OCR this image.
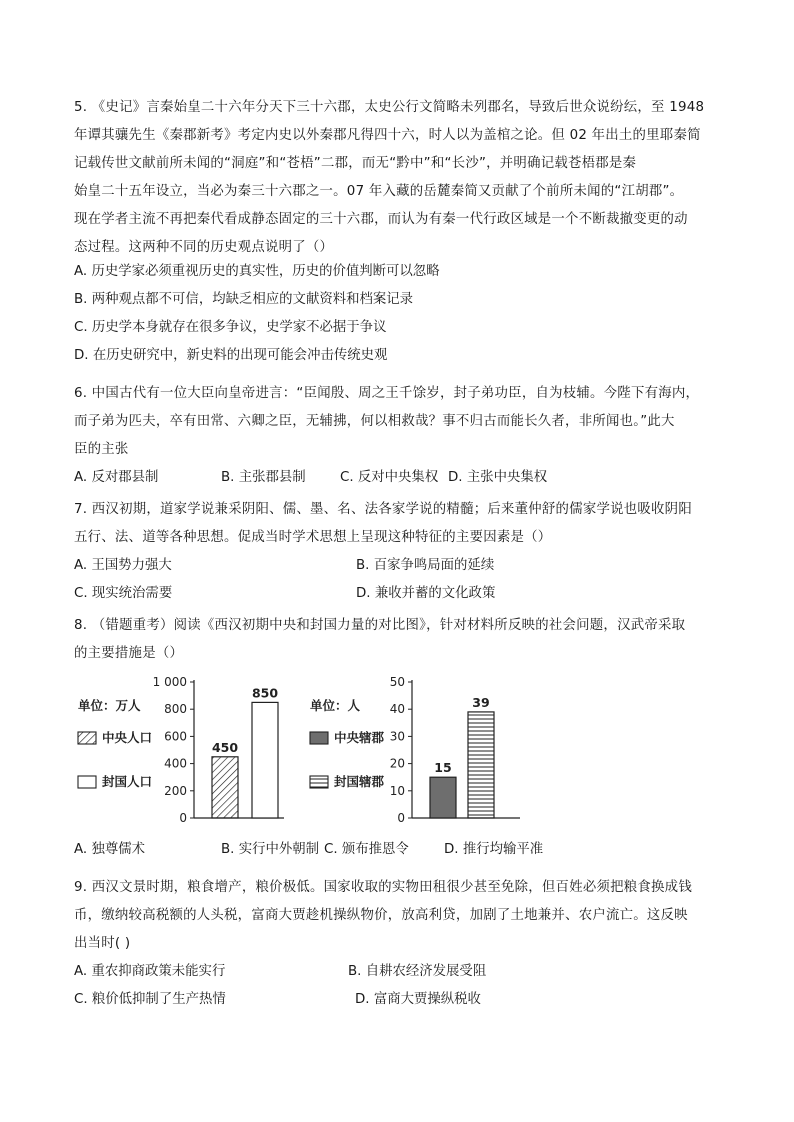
5. 《史记》言秦始皇二十六年分天下三十六郡，太史公行文简略未列郡名，导致后世众说纷纭，至 1948
年谭其骧先生《秦郡新考》考定内史以外秦郡凡得四十六，时人以为盖棺之论。但 02 年出土的里耶秦简
记载传世文献前所未闻的“洞庭”和“苍梧”二郡，而无“黔中”和“长沙”，并明确记载苍梧郡是秦
始皇二十五年设立，当必为秦三十六郡之一。07 年入藏的岳麓秦简又贡献了个前所未闻的“江胡郡”。
现在学者主流不再把秦代看成静态固定的三十六郡，而认为有秦一代行政区域是一个不断裁撤变更的动
态过程。这两种不同的历史观点说明了（）
A. 历史学家必须重视历史的真实性，历史的价值判断可以忽略
B. 两种观点都不可信，均缺乏相应的文献资料和档案记录
C. 历史学本身就存在很多争议，史学家不必据于争议
D. 在历史研究中，新史料的出现可能会冲击传统史观
6. 中国古代有一位大臣向皇帝进言：“臣闻殷、周之王千馀岁，封子弟功臣，自为枝辅。今陛下有海内，
而子弟为匹夫，卒有田常、六卿之臣，无辅拂，何以相救哉？事不归古而能长久者，非所闻也。”此大
臣的主张
A. 反对郡县制	B. 主张郡县制	C. 反对中央集权 D. 主张中央集权
7. 西汉初期，道家学说兼采阴阳、儒、墨、名、法各家学说的精髓；后来董仲舒的儒家学说也吸收阴阳
五行、法、道等各种思想。促成当时学术思想上呈现这种特征的主要因素是（）
A. 王国势力强大	B. 百家争鸣局面的延续
C. 现实统治需要	D. 兼收并蓄的文化政策
8. （错题重考）阅读《西汉初期中央和封国力量的对比图》，针对材料所反映的社会问题，汉武帝采取
的主要措施是（）
0
200
400
600
800
1 000
单位：万人
450
850
中央人口
封国人口
0
10
20
30
40
50
单位：人
15
39
中央辖郡
封国辖郡
A. 独尊儒术	B. 实行中外朝制 C. 颁布推恩令	D. 推行均输平准
9. 西汉文景时期，粮食增产，粮价极低。国家收取的实物田租很少甚至免除，但百姓必须把粮食换成钱
币，缴纳较高税额的人头税，富商大贾趁机操纵物价，放高利贷，加剧了土地兼并、农户流亡。这反映
出当时( )
A. 重农抑商政策未能实行	B. 自耕农经济发展受阻
C. 粮价低抑制了生产热情	D. 富商大贾操纵税收
